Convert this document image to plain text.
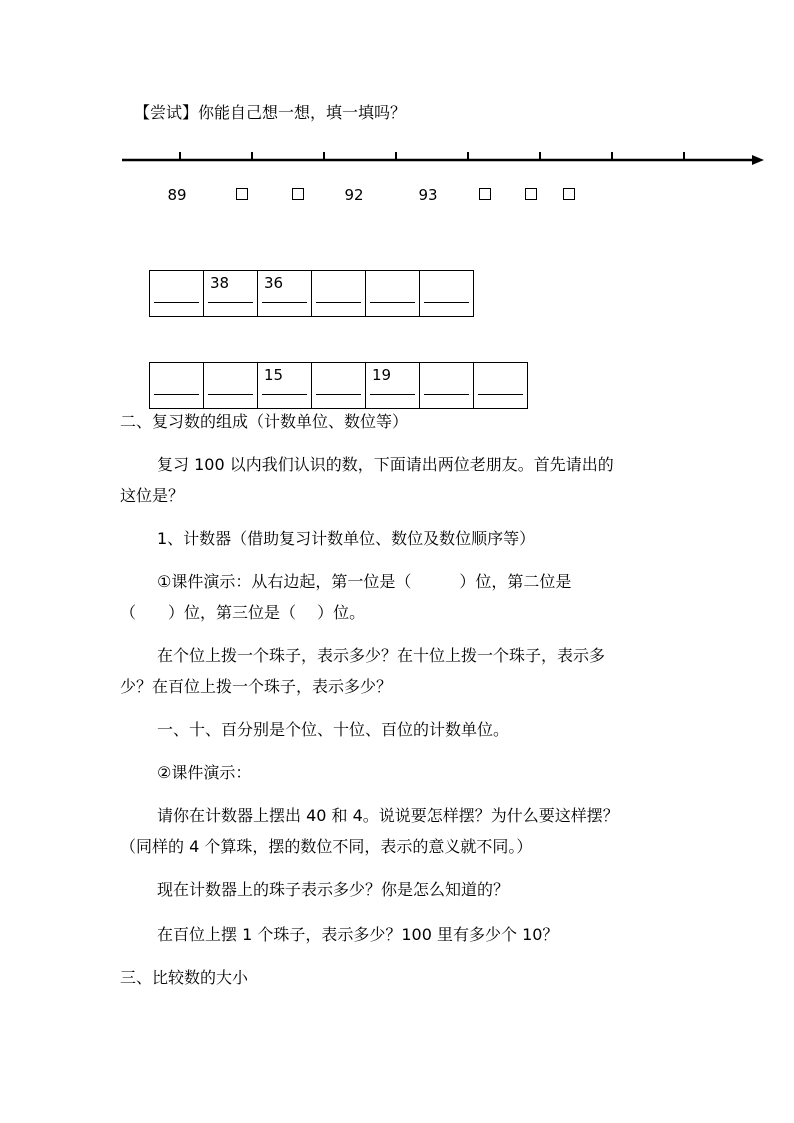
【尝试】你能自己想一想，填一填吗？
89	92	93

38	36

15		19

二、复习数的组成（计数单位、数位等）
复习 100 以内我们认识的数，下面请出两位老朋友。首先请出的
这位是？
1、计数器（借助复习计数单位、数位及数位顺序等）
①课件演示：从右边起，第一位是（　　　）位，第二位是
（　　）位，第三位是（　 ）位。
在个位上拨一个珠子，表示多少？在十位上拨一个珠子，表示多
少？在百位上拨一个珠子，表示多少？
一、十、百分别是个位、十位、百位的计数单位。
②课件演示：
请你在计数器上摆出 40 和 4。说说要怎样摆？为什么要这样摆？
（同样的 4 个算珠，摆的数位不同，表示的意义就不同。）
现在计数器上的珠子表示多少？你是怎么知道的？
在百位上摆 1 个珠子，表示多少？100 里有多少个 10？
三、比较数的大小
